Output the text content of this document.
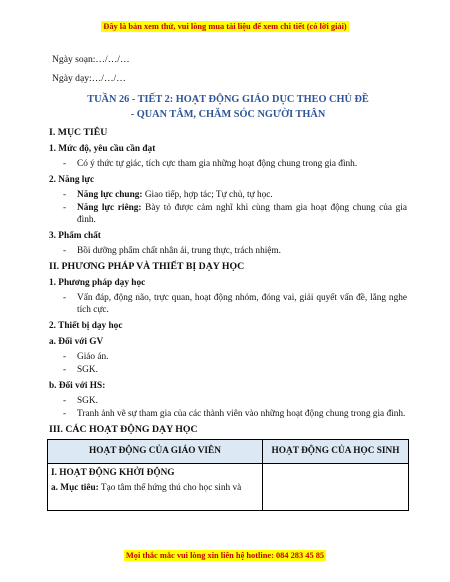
Đây là bản xem thử, vui lòng mua tài liệu để xem chi tiết (có lời giải)

Ngày soạn:…/…/…

Ngày dạy:…/…/…

TUẦN 26 - TIẾT 2: HOẠT ĐỘNG GIÁO DỤC THEO CHỦ ĐỀ
- QUAN TÂM, CHĂM SÓC NGƯỜI THÂN

I. MỤC TIÊU

1. Mức độ, yêu cầu cần đạt

- Có ý thức tự giác, tích cực tham gia những hoạt động chung trong gia đình.

2. Năng lực

- Năng lực chung: Giao tiếp, hợp tác; Tự chủ, tự học.
- Năng lực riêng: Bày tỏ được cảm nghĩ khi cùng tham gia hoạt động chung của gia đình.

3. Phẩm chất

- Bồi dưỡng phẩm chất nhân ái, trung thực, trách nhiệm.

II. PHƯƠNG PHÁP VÀ THIẾT BỊ DẠY HỌC

1. Phương pháp dạy học

- Vấn đáp, động não, trực quan, hoạt động nhóm, đóng vai, giải quyết vấn đề, lắng nghe tích cực.

2. Thiết bị dạy học

a. Đối với GV

- Giáo án.
- SGK.

b. Đối với HS:

- SGK.
- Tranh ảnh vẽ sự tham gia của các thành viên vào những hoạt động chung trong gia đình.

III. CÁC HOẠT ĐỘNG DẠY HỌC

HOẠT ĐỘNG CỦA GIÁO VIÊN	HOẠT ĐỘNG CỦA HỌC SINH

I. HOẠT ĐỘNG KHỞI ĐỘNG
a. Mục tiêu: Tạo tâm thế hứng thú cho học sinh và	

Mọi thắc mắc vui lòng xin liên hệ hotline: 084 283 45 85
